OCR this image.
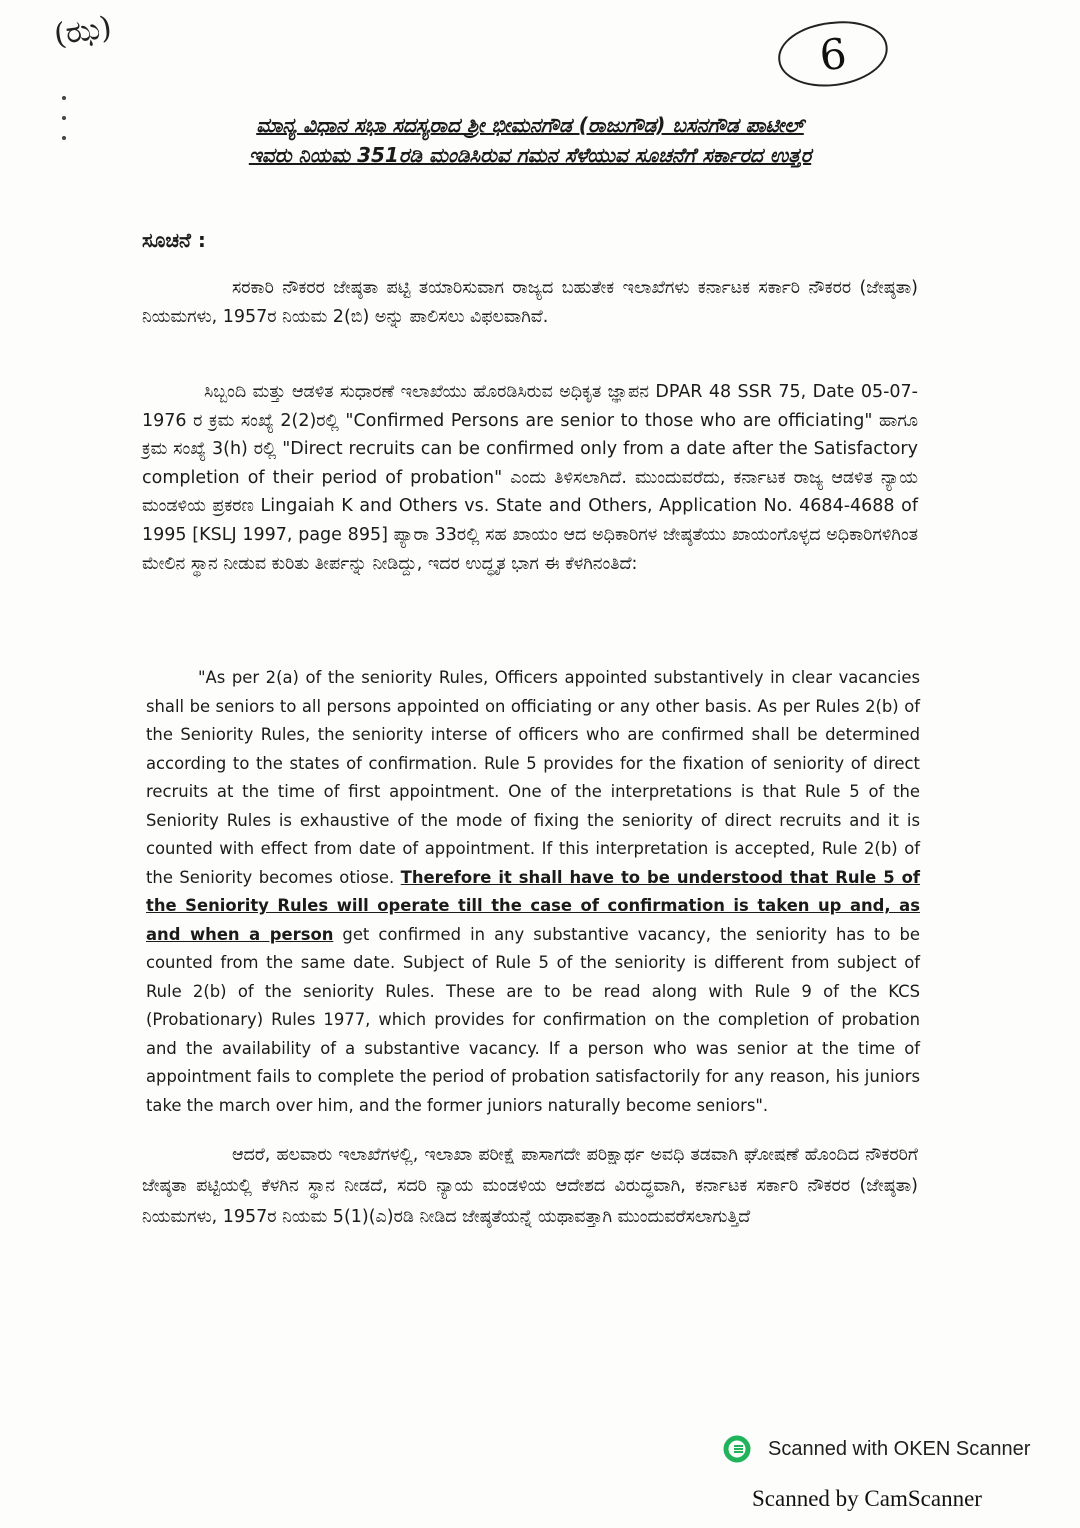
(ಝ)	6
ಮಾನ್ಯ ವಿಧಾನ ಸಭಾ ಸದಸ್ಯರಾದ ಶ್ರೀ ಭೀಮನಗೌಡ (ರಾಜುಗೌಡ) ಬಸನಗೌಡ ಪಾಟೀಲ್
ಇವರು ನಿಯಮ 351ರಡಿ ಮಂಡಿಸಿರುವ ಗಮನ ಸೆಳೆಯುವ ಸೂಚನೆಗೆ ಸರ್ಕಾರದ ಉತ್ತರ
ಸೂಚನೆ :
ಸರಕಾರಿ ನೌಕರರ ಜೇಷ್ಠತಾ ಪಟ್ಟಿ ತಯಾರಿಸುವಾಗ ರಾಜ್ಯದ ಬಹುತೇಕ ಇಲಾಖೆಗಳು ಕರ್ನಾಟಕ ಸರ್ಕಾರಿ ನೌಕರರ (ಜೇಷ್ಠತಾ) ನಿಯಮಗಳು, 1957ರ ನಿಯಮ 2(ಬಿ) ಅನ್ನು ಪಾಲಿಸಲು ವಿಫಲವಾಗಿವೆ.
ಸಿಬ್ಬಂದಿ ಮತ್ತು ಆಡಳಿತ ಸುಧಾರಣೆ ಇಲಾಖೆಯು ಹೊರಡಿಸಿರುವ ಅಧಿಕೃತ ಜ್ಞಾಪನ DPAR 48 SSR 75, Date 05-07-1976 ರ ಕ್ರಮ ಸಂಖ್ಯೆ 2(2)ರಲ್ಲಿ "Confirmed Persons are senior to those who are officiating" ಹಾಗೂ ಕ್ರಮ ಸಂಖ್ಯೆ 3(h) ರಲ್ಲಿ "Direct recruits can be confirmed only from a date after the Satisfactory completion of their period of probation" ಎಂದು ತಿಳಿಸಲಾಗಿದೆ. ಮುಂದುವರೆದು, ಕರ್ನಾಟಕ ರಾಜ್ಯ ಆಡಳಿತ ನ್ಯಾಯ ಮಂಡಳಿಯ ಪ್ರಕರಣ Lingaiah K and Others vs. State and Others, Application No. 4684-4688 of 1995 [KSLJ 1997, page 895] ಪ್ಯಾರಾ 33ರಲ್ಲಿ ಸಹ ಖಾಯಂ ಆದ ಅಧಿಕಾರಿಗಳ ಜೇಷ್ಠತೆಯು ಖಾಯಂಗೊಳ್ಳದ ಅಧಿಕಾರಿಗಳಿಗಿಂತ ಮೇಲಿನ ಸ್ಥಾನ ನೀಡುವ ಕುರಿತು ತೀರ್ಪನ್ನು ನೀಡಿದ್ದು, ಇದರ ಉದ್ಧೃತ ಭಾಗ ಈ ಕೆಳಗಿನಂತಿದೆ:
"As per 2(a) of the seniority Rules, Officers appointed substantively in clear vacancies shall be seniors to all persons appointed on officiating or any other basis. As per Rules 2(b) of the Seniority Rules, the seniority interse of officers who are confirmed shall be determined according to the states of confirmation. Rule 5 provides for the fixation of seniority of direct recruits at the time of first appointment. One of the interpretations is that Rule 5 of the Seniority Rules is exhaustive of the mode of fixing the seniority of direct recruits and it is counted with effect from date of appointment. If this interpretation is accepted, Rule 2(b) of the Seniority becomes otiose. Therefore it shall have to be understood that Rule 5 of the Seniority Rules will operate till the case of confirmation is taken up and, as and when a person get confirmed in any substantive vacancy, the seniority has to be counted from the same date. Subject of Rule 5 of the seniority is different from subject of Rule 2(b) of the seniority Rules. These are to be read along with Rule 9 of the KCS (Probationary) Rules 1977, which provides for confirmation on the completion of probation and the availability of a substantive vacancy. If a person who was senior at the time of appointment fails to complete the period of probation satisfactorily for any reason, his juniors take the march over him, and the former juniors naturally become seniors".
ಆದರೆ, ಹಲವಾರು ಇಲಾಖೆಗಳಲ್ಲಿ, ಇಲಾಖಾ ಪರೀಕ್ಷೆ ಪಾಸಾಗದೇ ಪರಿಕ್ಷಾರ್ಥ ಅವಧಿ ತಡವಾಗಿ ಘೋಷಣೆ ಹೊಂದಿದ ನೌಕರರಿಗೆ ಜೇಷ್ಠತಾ ಪಟ್ಟಿಯಲ್ಲಿ ಕೆಳಗಿನ ಸ್ಥಾನ ನೀಡದೆ, ಸದರಿ ನ್ಯಾಯ ಮಂಡಳಿಯ ಆದೇಶದ ವಿರುದ್ಧವಾಗಿ, ಕರ್ನಾಟಕ ಸರ್ಕಾರಿ ನೌಕರರ (ಜೇಷ್ಠತಾ) ನಿಯಮಗಳು, 1957ರ ನಿಯಮ 5(1)(ಎ)ರಡಿ ನೀಡಿದ ಜೇಷ್ಠತೆಯನ್ನೆ ಯಥಾವತ್ತಾಗಿ ಮುಂದುವರೆಸಲಾಗುತ್ತಿದೆ
Scanned with OKEN Scanner
Scanned by CamScanner
